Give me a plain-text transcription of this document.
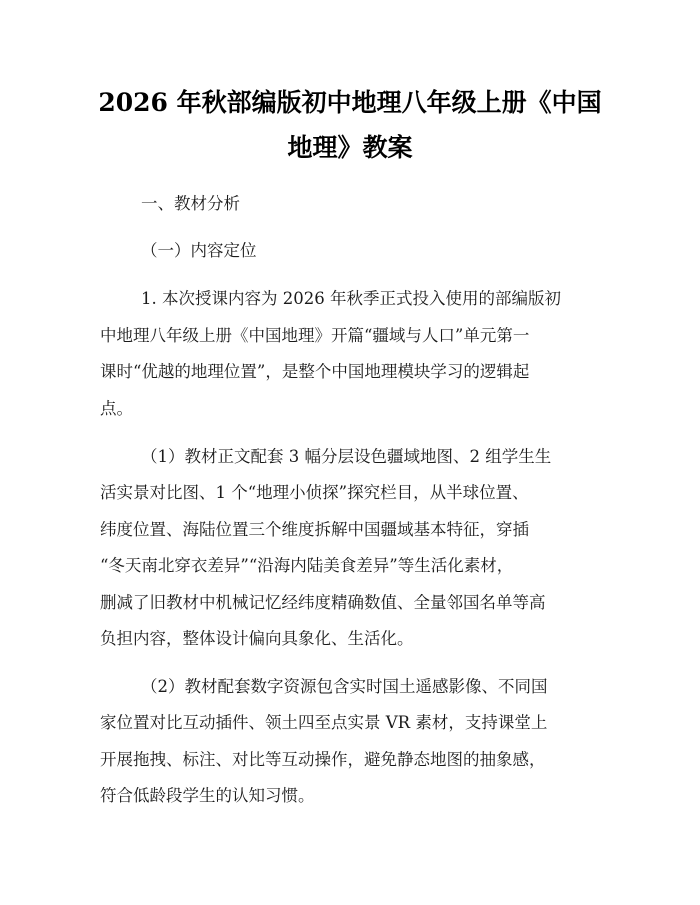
2026 年秋部编版初中地理八年级上册《中国
地理》教案
一、教材分析
（一）内容定位
1. 本次授课内容为 2026 年秋季正式投入使用的部编版初
中地理八年级上册《中国地理》开篇“疆域与人口”单元第一
课时“优越的地理位置”，是整个中国地理模块学习的逻辑起
点。
（1）教材正文配套 3 幅分层设色疆域地图、2 组学生生
活实景对比图、1 个“地理小侦探”探究栏目，从半球位置、
纬度位置、海陆位置三个维度拆解中国疆域基本特征，穿插
“冬天南北穿衣差异”“沿海内陆美食差异”等生活化素材，
删减了旧教材中机械记忆经纬度精确数值、全量邻国名单等高
负担内容，整体设计偏向具象化、生活化。
（2）教材配套数字资源包含实时国土遥感影像、不同国
家位置对比互动插件、领土四至点实景 VR 素材，支持课堂上
开展拖拽、标注、对比等互动操作，避免静态地图的抽象感，
符合低龄段学生的认知习惯。
